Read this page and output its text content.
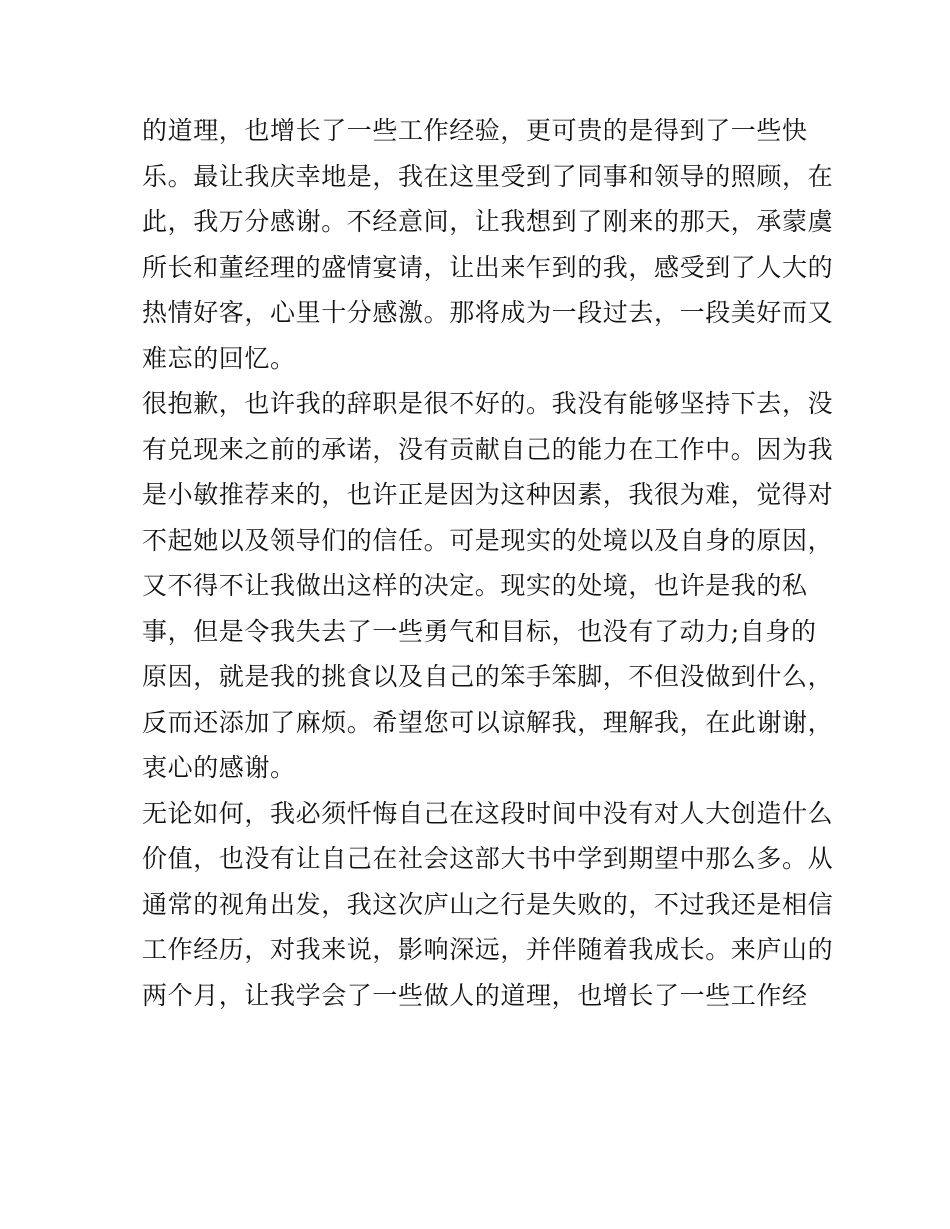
的道理，也增长了一些工作经验，更可贵的是得到了一些快
乐。最让我庆幸地是，我在这里受到了同事和领导的照顾，在
此，我万分感谢。不经意间，让我想到了刚来的那天，承蒙虞
所长和董经理的盛情宴请，让出来乍到的我，感受到了人大的
热情好客，心里十分感激。那将成为一段过去，一段美好而又
难忘的回忆。
很抱歉，也许我的辞职是很不好的。我没有能够坚持下去，没
有兑现来之前的承诺，没有贡献自己的能力在工作中。因为我
是小敏推荐来的，也许正是因为这种因素，我很为难，觉得对
不起她以及领导们的信任。可是现实的处境以及自身的原因，
又不得不让我做出这样的决定。现实的处境，也许是我的私
事，但是令我失去了一些勇气和目标，也没有了动力;自身的
原因，就是我的挑食以及自己的笨手笨脚，不但没做到什么，
反而还添加了麻烦。希望您可以谅解我，理解我，在此谢谢，
衷心的感谢。
无论如何，我必须忏悔自己在这段时间中没有对人大创造什么
价值，也没有让自己在社会这部大书中学到期望中那么多。从
通常的视角出发，我这次庐山之行是失败的，不过我还是相信
工作经历，对我来说，影响深远，并伴随着我成长。来庐山的
两个月，让我学会了一些做人的道理，也增长了一些工作经
